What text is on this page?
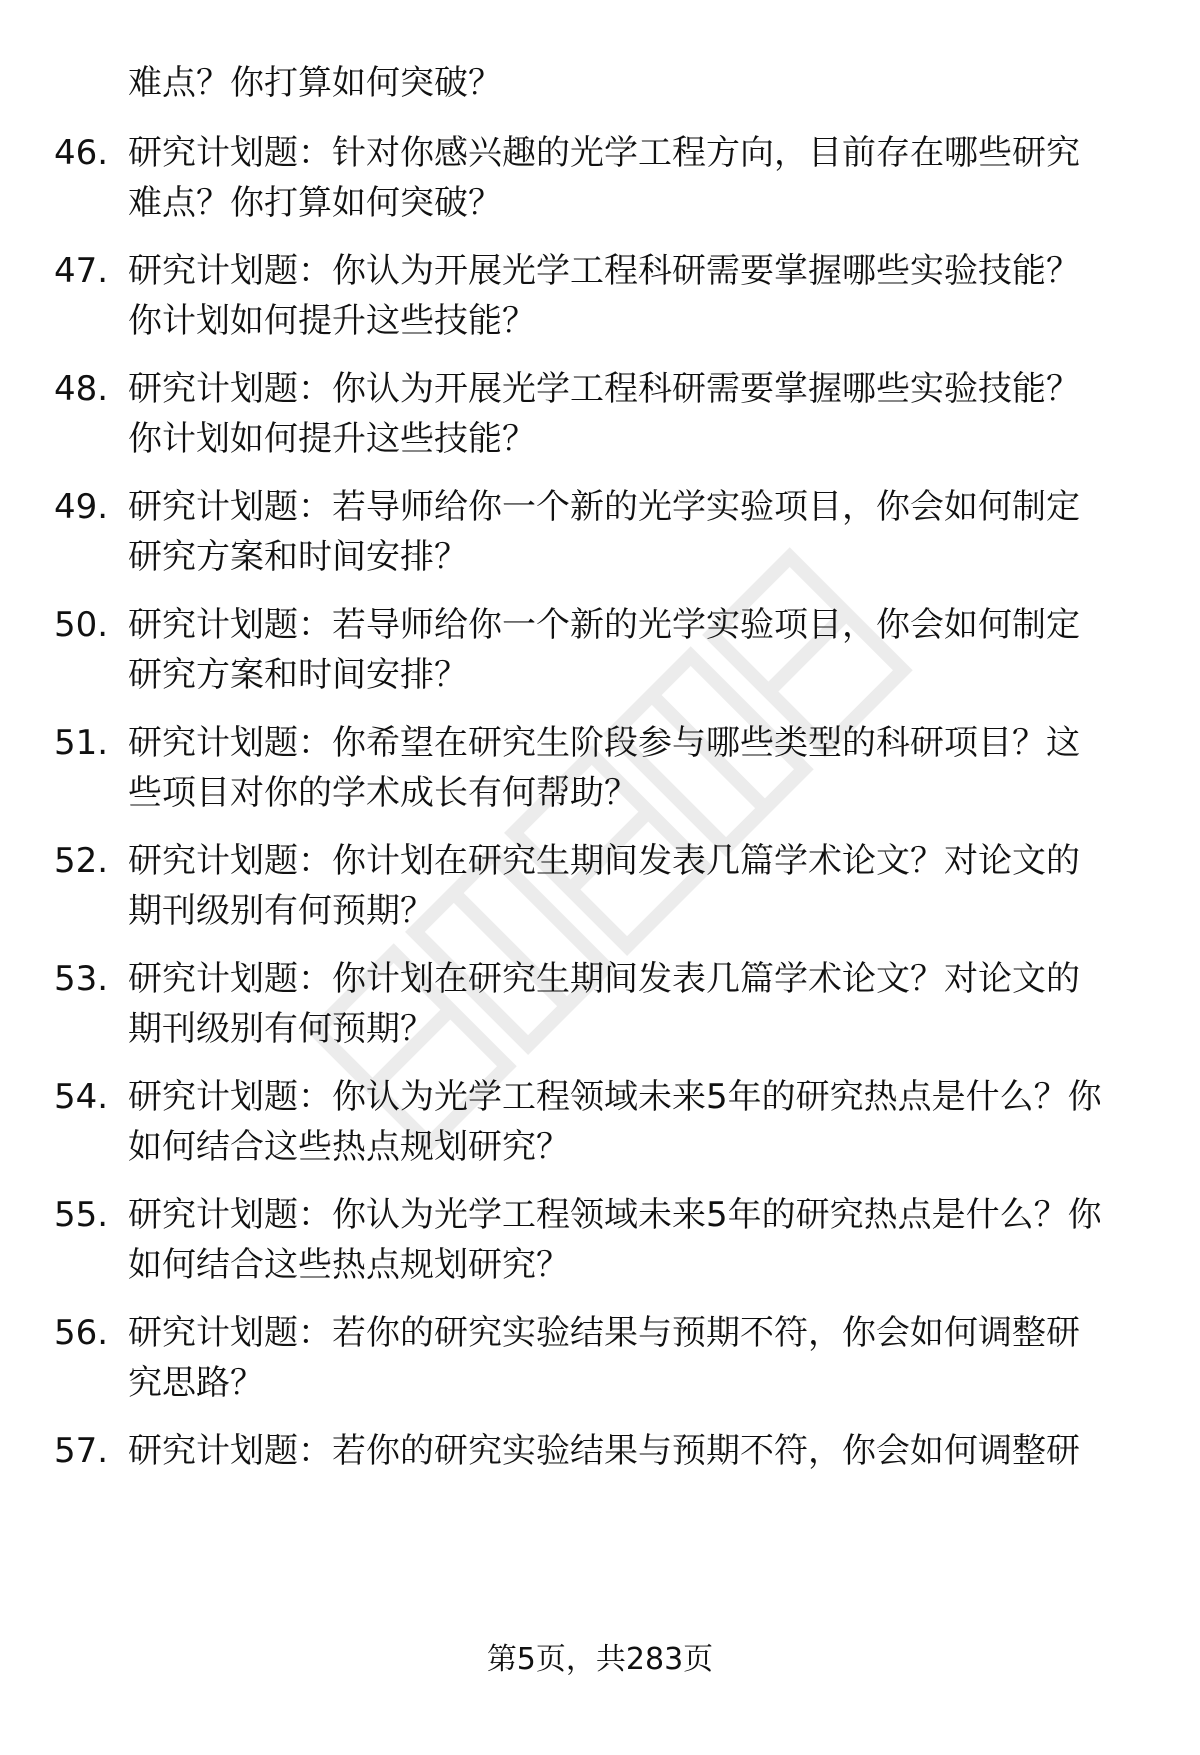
难点？你打算如何突破？
46. 研究计划题：针对你感兴趣的光学工程方向，目前存在哪些研究
难点？你打算如何突破？
47. 研究计划题：你认为开展光学工程科研需要掌握哪些实验技能？
你计划如何提升这些技能？
48. 研究计划题：你认为开展光学工程科研需要掌握哪些实验技能？
你计划如何提升这些技能？
49. 研究计划题：若导师给你一个新的光学实验项目，你会如何制定
研究方案和时间安排？
50. 研究计划题：若导师给你一个新的光学实验项目，你会如何制定
研究方案和时间安排？
51. 研究计划题：你希望在研究生阶段参与哪些类型的科研项目？这
些项目对你的学术成长有何帮助？
52. 研究计划题：你计划在研究生期间发表几篇学术论文？对论文的
期刊级别有何预期？
53. 研究计划题：你计划在研究生期间发表几篇学术论文？对论文的
期刊级别有何预期？
54. 研究计划题：你认为光学工程领域未来5年的研究热点是什么？你
如何结合这些热点规划研究？
55. 研究计划题：你认为光学工程领域未来5年的研究热点是什么？你
如何结合这些热点规划研究？
56. 研究计划题：若你的研究实验结果与预期不符，你会如何调整研
究思路？
57. 研究计划题：若你的研究实验结果与预期不符，你会如何调整研
第5页，共283页
